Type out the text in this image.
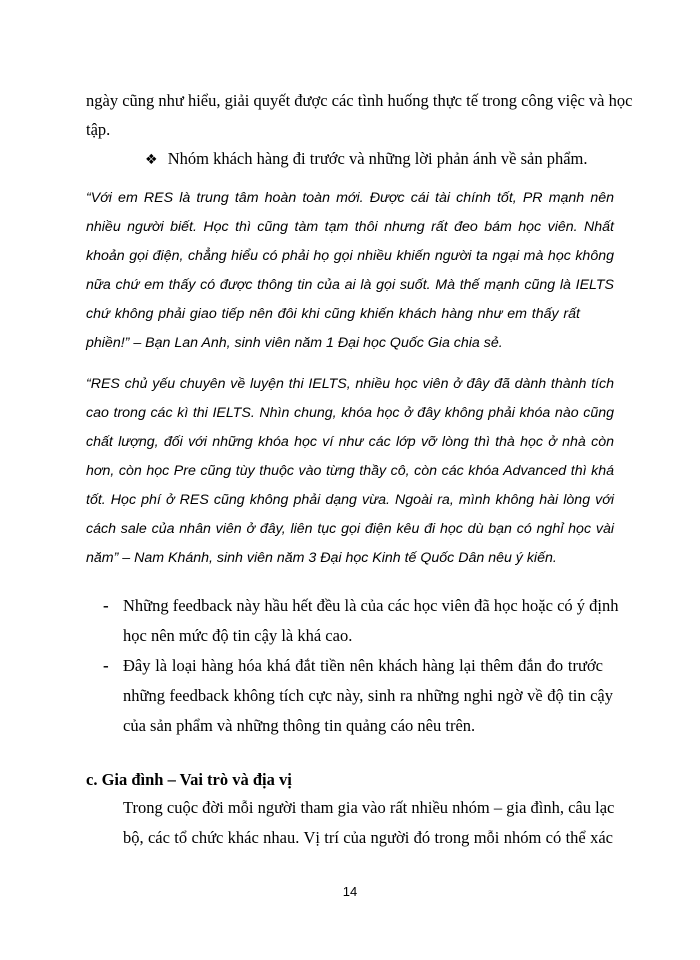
ngày cũng như hiểu, giải quyết được các tình huống thực tế trong công việc và học
tập.
❖ Nhóm khách hàng đi trước và những lời phản ánh về sản phẩm.
“Với em RES là trung tâm hoàn toàn mới. Được cái tài chính tốt, PR mạnh nên
nhiều người biết. Học thì cũng tàm tạm thôi nhưng rất đeo bám học viên. Nhất
khoản gọi điện, chẳng hiểu có phải họ gọi nhiều khiến người ta ngại mà học không
nữa chứ em thấy có được thông tin của ai là gọi suốt. Mà thế mạnh cũng là IELTS
chứ không phải giao tiếp nên đôi khi cũng khiến khách hàng như em thấy rất
phiền!” – Bạn Lan Anh, sinh viên năm 1 Đại học Quốc Gia chia sẻ.
“RES chủ yếu chuyên về luyện thi IELTS, nhiều học viên ở đây đã dành thành tích
cao trong các kì thi IELTS. Nhìn chung, khóa học ở đây không phải khóa nào cũng
chất lượng, đối với những khóa học ví như các lớp vỡ lòng thì thà học ở nhà còn
hơn, còn học Pre cũng tùy thuộc vào từng thầy cô, còn các khóa Advanced thì khá
tốt. Học phí ở RES cũng không phải dạng vừa. Ngoài ra, mình không hài lòng với
cách sale của nhân viên ở đây, liên tục gọi điện kêu đi học dù bạn có nghỉ học vài
năm” – Nam Khánh, sinh viên năm 3 Đại học Kinh tế Quốc Dân nêu ý kiến.
- Những feedback này hầu hết đều là của các học viên đã học hoặc có ý định
học nên mức độ tin cậy là khá cao.
- Đây là loại hàng hóa khá đắt tiền nên khách hàng lại thêm đắn đo trước
những feedback không tích cực này, sinh ra những nghi ngờ về độ tin cậy
của sản phẩm và những thông tin quảng cáo nêu trên.
c. Gia đình – Vai trò và địa vị
Trong cuộc đời mỗi người tham gia vào rất nhiều nhóm – gia đình, câu lạc
bộ, các tổ chức khác nhau. Vị trí của người đó trong mỗi nhóm có thể xác
14
